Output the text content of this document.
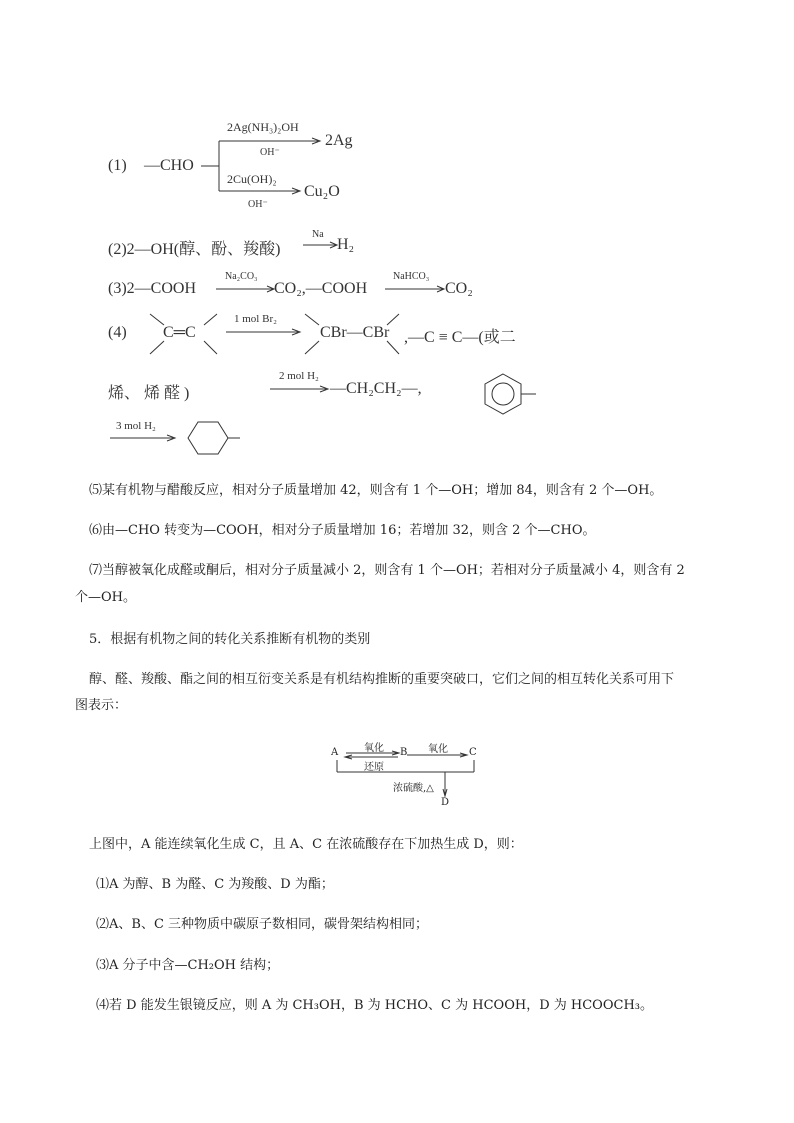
(1) —CHO
2Ag(NH₃)₂OH
OH⁻
2Ag
2Cu(OH)₂
OH⁻
Cu₂O
(2)2—OH(醇、酚、羧酸)
Na
H₂
(3)2—COOH
Na₂CO₃
CO₂,—COOH
NaHCO₃
CO₂
(4) C═C
1 mol Br₂
CBr—CBr ,—C ≡ C—(或二
烯、 烯 醛 )
2 mol H₂
—CH₂CH₂—,
3 mol H₂
⑸某有机物与醋酸反应，相对分子质量增加 42，则含有 1 个—OH；增加 84，则含有 2 个—OH。
⑹由—CHO 转变为—COOH，相对分子质量增加 16；若增加 32，则含 2 个—CHO。
⑺当醇被氧化成醛或酮后，相对分子质量减小 2，则含有 1 个—OH；若相对分子质量减小 4，则含有 2
个—OH。
5．根据有机物之间的转化关系推断有机物的类别
醇、醛、羧酸、酯之间的相互衍变关系是有机结构推断的重要突破口，它们之间的相互转化关系可用下
图表示：
A	B	C
D
氧化
还原
氧化
浓硫酸,△
上图中，A 能连续氧化生成 C，且 A、C 在浓硫酸存在下加热生成 D，则：
⑴A 为醇、B 为醛、C 为羧酸、D 为酯；
⑵A、B、C 三种物质中碳原子数相同，碳骨架结构相同；
⑶A 分子中含—CH₂OH 结构；
⑷若 D 能发生银镜反应，则 A 为 CH₃OH，B 为 HCHO、C 为 HCOOH，D 为 HCOOCH₃。
